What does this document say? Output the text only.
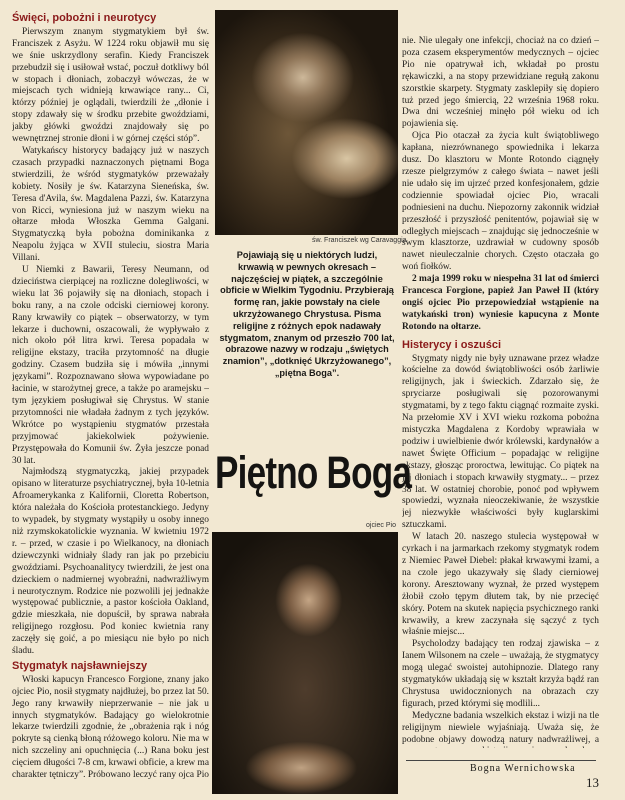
Święci, pobożni i neurotycy

Pierwszym znanym stygmatykiem był św. Franciszek z Asyżu. W 1224 roku objawił mu się we śnie uskrzydlony serafin. Kiedy Franciszek przebudził się i usiłował wstać, poczuł dotkliwy ból w stopach i dłoniach, zobaczył wówczas, że w miejscach tych widnieją krwawiące rany... Ci, którzy później je oglądali, twierdzili że „dłonie i stopy zdawały się w środku przebite gwoździami, jakby główki gwoździ znajdowały się po wewnętrznej stronie dłoni i w górnej części stóp”.

Watykańscy historycy badający już w naszych czasach przypadki naznaczonych piętnami Boga stwierdzili, że wśród stygmatyków przeważały kobiety. Nosiły je św. Katarzyna Sieneńska, św. Teresa d'Avila, św. Magdalena Pazzi, św. Katarzyna von Ricci, wyniesiona już w naszym wieku na ołtarze młoda Włoszka Gemma Galgani. Stygmatyczką była pobożna dominikanka z Neapolu żyjąca w XVII stuleciu, siostra Maria Villani.

U Niemki z Bawarii, Teresy Neumann, od dzieciństwa cierpiącej na rozliczne dolegliwości, w wieku lat 36 pojawiły się na dłoniach, stopach i boku rany, a na czole odciski cierniowej korony. Rany krwawiły co piątek – obserwatorzy, w tym lekarze i duchowni, oszacowali, że wypływało z nich około pół litra krwi. Teresa popadała w religijne ekstazy, traciła przytomność na długie godziny. Czasem budziła się i mówiła „innymi językami”. Rozpoznawano słowa wypowiadane po łacinie, w starożytnej grece, a także po aramejsku – tym językiem posługiwał się Chrystus. W stanie przytomności nie władała żadnym z tych języków. Wkrótce po wystąpieniu stygmatów przestała przyjmować jakiekolwiek pożywienie. Przystępowała do Komunii św. Żyła jeszcze ponad 30 lat.

Najmłodszą stygmatyczką, jakiej przypadek opisano w literaturze psychiatrycznej, była 10-letnia Afroamerykanka z Kalifornii, Cloretta Robertson, która należała do Kościoła protestanckiego. Jedyny to wypadek, by stygmaty wystąpiły u osoby innego niż rzymskokatolickie wyznania. W kwietniu 1972 r. – przed, w czasie i po Wielkanocy, na dłoniach dziewczynki widniały ślady ran jak po przebiciu gwoździami. Psychoanalitycy twierdzili, że jest ona dzieckiem o nadmiernej wyobraźni, nadwrażliwym i neurotycznym. Rodzice nie pozwolili jej jednakże występować publicznie, a pastor kościoła Oakland, gdzie mieszkała, nie dopuścił, by sprawa nabrała religijnego rozgłosu. Pod koniec kwietnia rany zaczęły się goić, a po miesiącu nie było po nich śladu.

Stygmatyk najsławniejszy

Włoski kapucyn Francesco Forgione, znany jako ojciec Pio, nosił stygmaty najdłużej, bo przez lat 50. Jego rany krwawiły nieprzerwanie – nie jak u innych stygmatyków. Badający go wielokrotnie lekarze twierdzili zgodnie, że „obrażenia rąk i nóg pokryte są cienką błoną różowego koloru. Nie ma w nich szczeliny ani opuchnięcia (...) Rana boku jest cięciem długości 7-8 cm, krwawi obficie, a krew ma charakter tętniczy”. Próbowano leczyć rany ojca Pio

św. Franciszek wg Caravaggia
Pojawiają się u niektórych ludzi, krwawią w pewnych okresach – najczęściej w piątek, a szczególnie obficie w Wielkim Tygodniu. Przybierają formę ran, jakie powstały na ciele ukrzyżowanego Chrystusa. Pisma religijne z różnych epok nadawały stygmatom, znanym od przeszło 700 lat, obrazowe nazwy w rodzaju „świętych znamion”, „dotknięć Ukrzyżowanego”, „piętna Boga”.
Piętno Boga
ojciec Pio

nie. Nie ulegały one infekcji, chociaż na co dzień – poza czasem eksperymentów medycznych – ojciec Pio nie opatrywał ich, wkładał po prostu rękawiczki, a na stopy przewidziane regułą zakonu szorstkie skarpety. Stygmaty zasklepiły się dopiero tuż przed jego śmiercią, 22 września 1968 roku. Dwa dni wcześniej minęło pół wieku od ich pojawienia się.

Ojca Pio otaczał za życia kult świątobliwego kapłana, niezrównanego spowiednika i lekarza dusz. Do klasztoru w Monte Rotondo ciągnęły rzesze pielgrzymów z całego świata – nawet jeśli nie udało się im ujrzeć przed konfesjonałem, gdzie codziennie spowiadał ojciec Pio, wracali podniesieni na duchu. Niepozorny zakonnik widział przeszłość i przyszłość penitentów, pojawiał się w odległych miejscach – znajdując się jednocześnie w swym klasztorze, uzdrawiał w cudowny sposób nawet nieuleczalnie chorych. Często otaczała go woń fiołków.

2 maja 1999 roku w niespełna 31 lat od śmierci Francesca Forgione, papież Jan Paweł II (który ongiś ojciec Pio przepowiedział wstąpienie na watykański tron) wyniesie kapucyna z Monte Rotondo na ołtarze.

Histerycy i oszuści

Stygmaty nigdy nie były uznawane przez władze kościelne za dowód świątobliwości osób żarliwie religijnych, jak i świeckich. Zdarzało się, że spryciarze posługiwali się pozorowanymi stygmatami, by z tego faktu ciągnąć rozmaite zyski. Na przełomie XV i XVI wieku rozkoma pobożna mistyczka Magdalena z Kordoby wprawiała w podziw i uwielbienie dwór królewski, kardynałów a nawet Święte Officium – popadając w religijne ekstazy, głosząc proroctwa, lewitując. Co piątek na jej dłoniach i stopach krwawiły stygmaty... – przez 38 lat. W ostatniej chorobie, ponoć pod wpływem spowiedzi, wyznała nieoczekiwanie, że wszystkie jej niezwykłe właściwości były kuglarskimi sztuczkami.

W latach 20. naszego stulecia występował w cyrkach i na jarmarkach rzekomy stygmatyk rodem z Niemiec Paweł Diebel: płakał krwawymi łzami, a na czole jego ukazywały się ślady cierniowej korony. Aresztowany wyznał, że przed występem żłobił czoło tępym dłutem tak, by nie przecięć skóry. Potem na skutek napięcia psychicznego ranki krwawiły, a krew zaczynała się sączyć z tych właśnie miejsc...

Psycholodzy badający ten rodzaj zjawiska – z Ianem Wilsonem na czele – uważają, że stygmatycy mogą ulegać swoistej autohipnozie. Dlatego rany stygmatyków układają się w kształt krzyża bądź ran Chrystusa uwidocznionych na obrazach czy figurach, przed którymi się modlili...

Medyczne badania wszelkich ekstaz i wizji na tle religijnym niewiele wyjaśniają. Uważa się, że podobne objawy dowodzą natury nadwrażliwej, a

Bogna Wernichowska
13
